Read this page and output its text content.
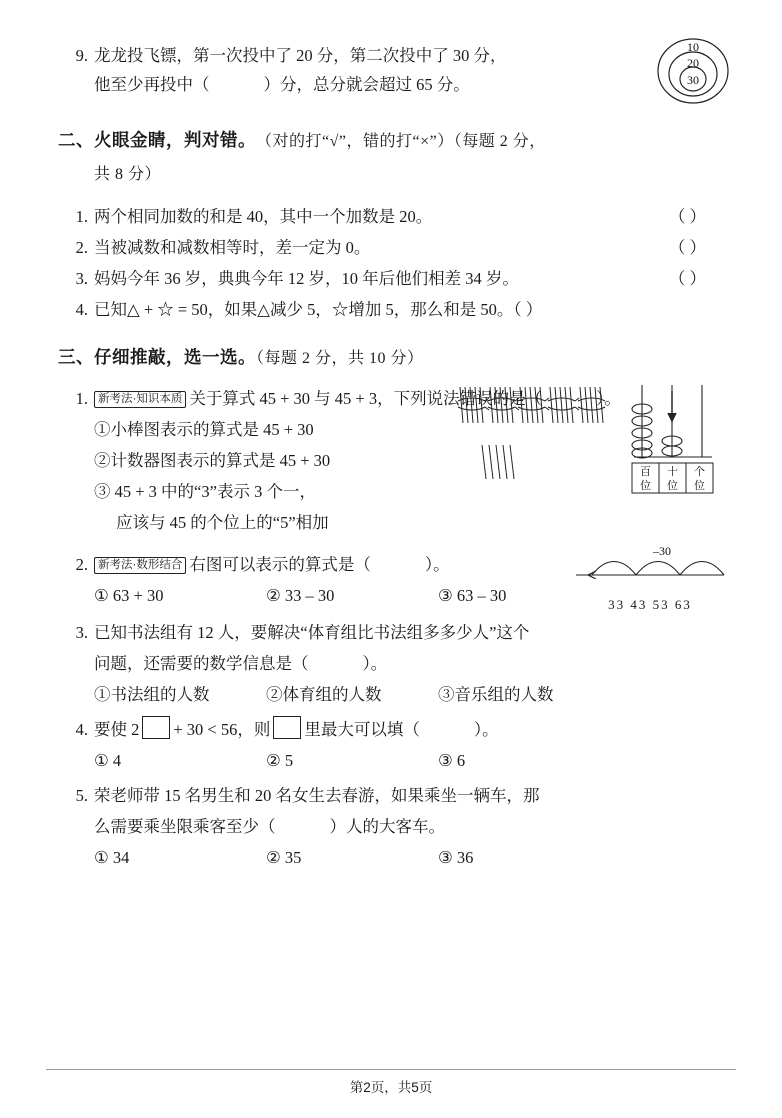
9. 龙龙投飞镖，第一次投中了 20 分，第二次投中了 30 分，
他至少再投中（	）分，总分就会超过 65 分。
10
20
30
二、火眼金睛，判对错。（对的打“√”，错的打“×”）（每题 2 分，
共 8 分）
1. 两个相同加数的和是 40，其中一个加数是 20。	（ ）
2. 当被减数和减数相等时，差一定为 0。	（ ）
3. 妈妈今年 36 岁，典典今年 12 岁，10 年后他们相差 34 岁。	（ ）
4. 已知△ + ☆ = 50，如果△减少 5，☆增加 5，那么和是 50。（ ）
三、仔细推敲，选一选。（每题 2 分，共 10 分）
1. 新考法·知识本质 关于算式 45 + 30 与 45 + 3，下列说法错误的是（	）。
①小棒图表示的算式是 45 + 30
②计数器图表示的算式是 45 + 30
③ 45 + 3 中的“3”表示 3 个一，
应该与 45 的个位上的“5”相加
百
位
十
位
个
位
2. 新考法·数形结合 右图可以表示的算式是（	）。
–30
33 43 53 63
① 63 + 30	② 33 – 30	③ 63 – 30
3. 已知书法组有 12 人，要解决“体育组比书法组多多少人”这个
问题，还需要的数学信息是（	）。
①书法组的人数	②体育组的人数	③音乐组的人数
4. 要使 2 + 30 < 56，则 里最大可以填（	）。
① 4	② 5	③ 6
5. 荣老师带 15 名男生和 20 名女生去春游，如果乘坐一辆车，那
么需要乘坐限乘客至少（	）人的大客车。
① 34	② 35	③ 36
第2页，共5页
